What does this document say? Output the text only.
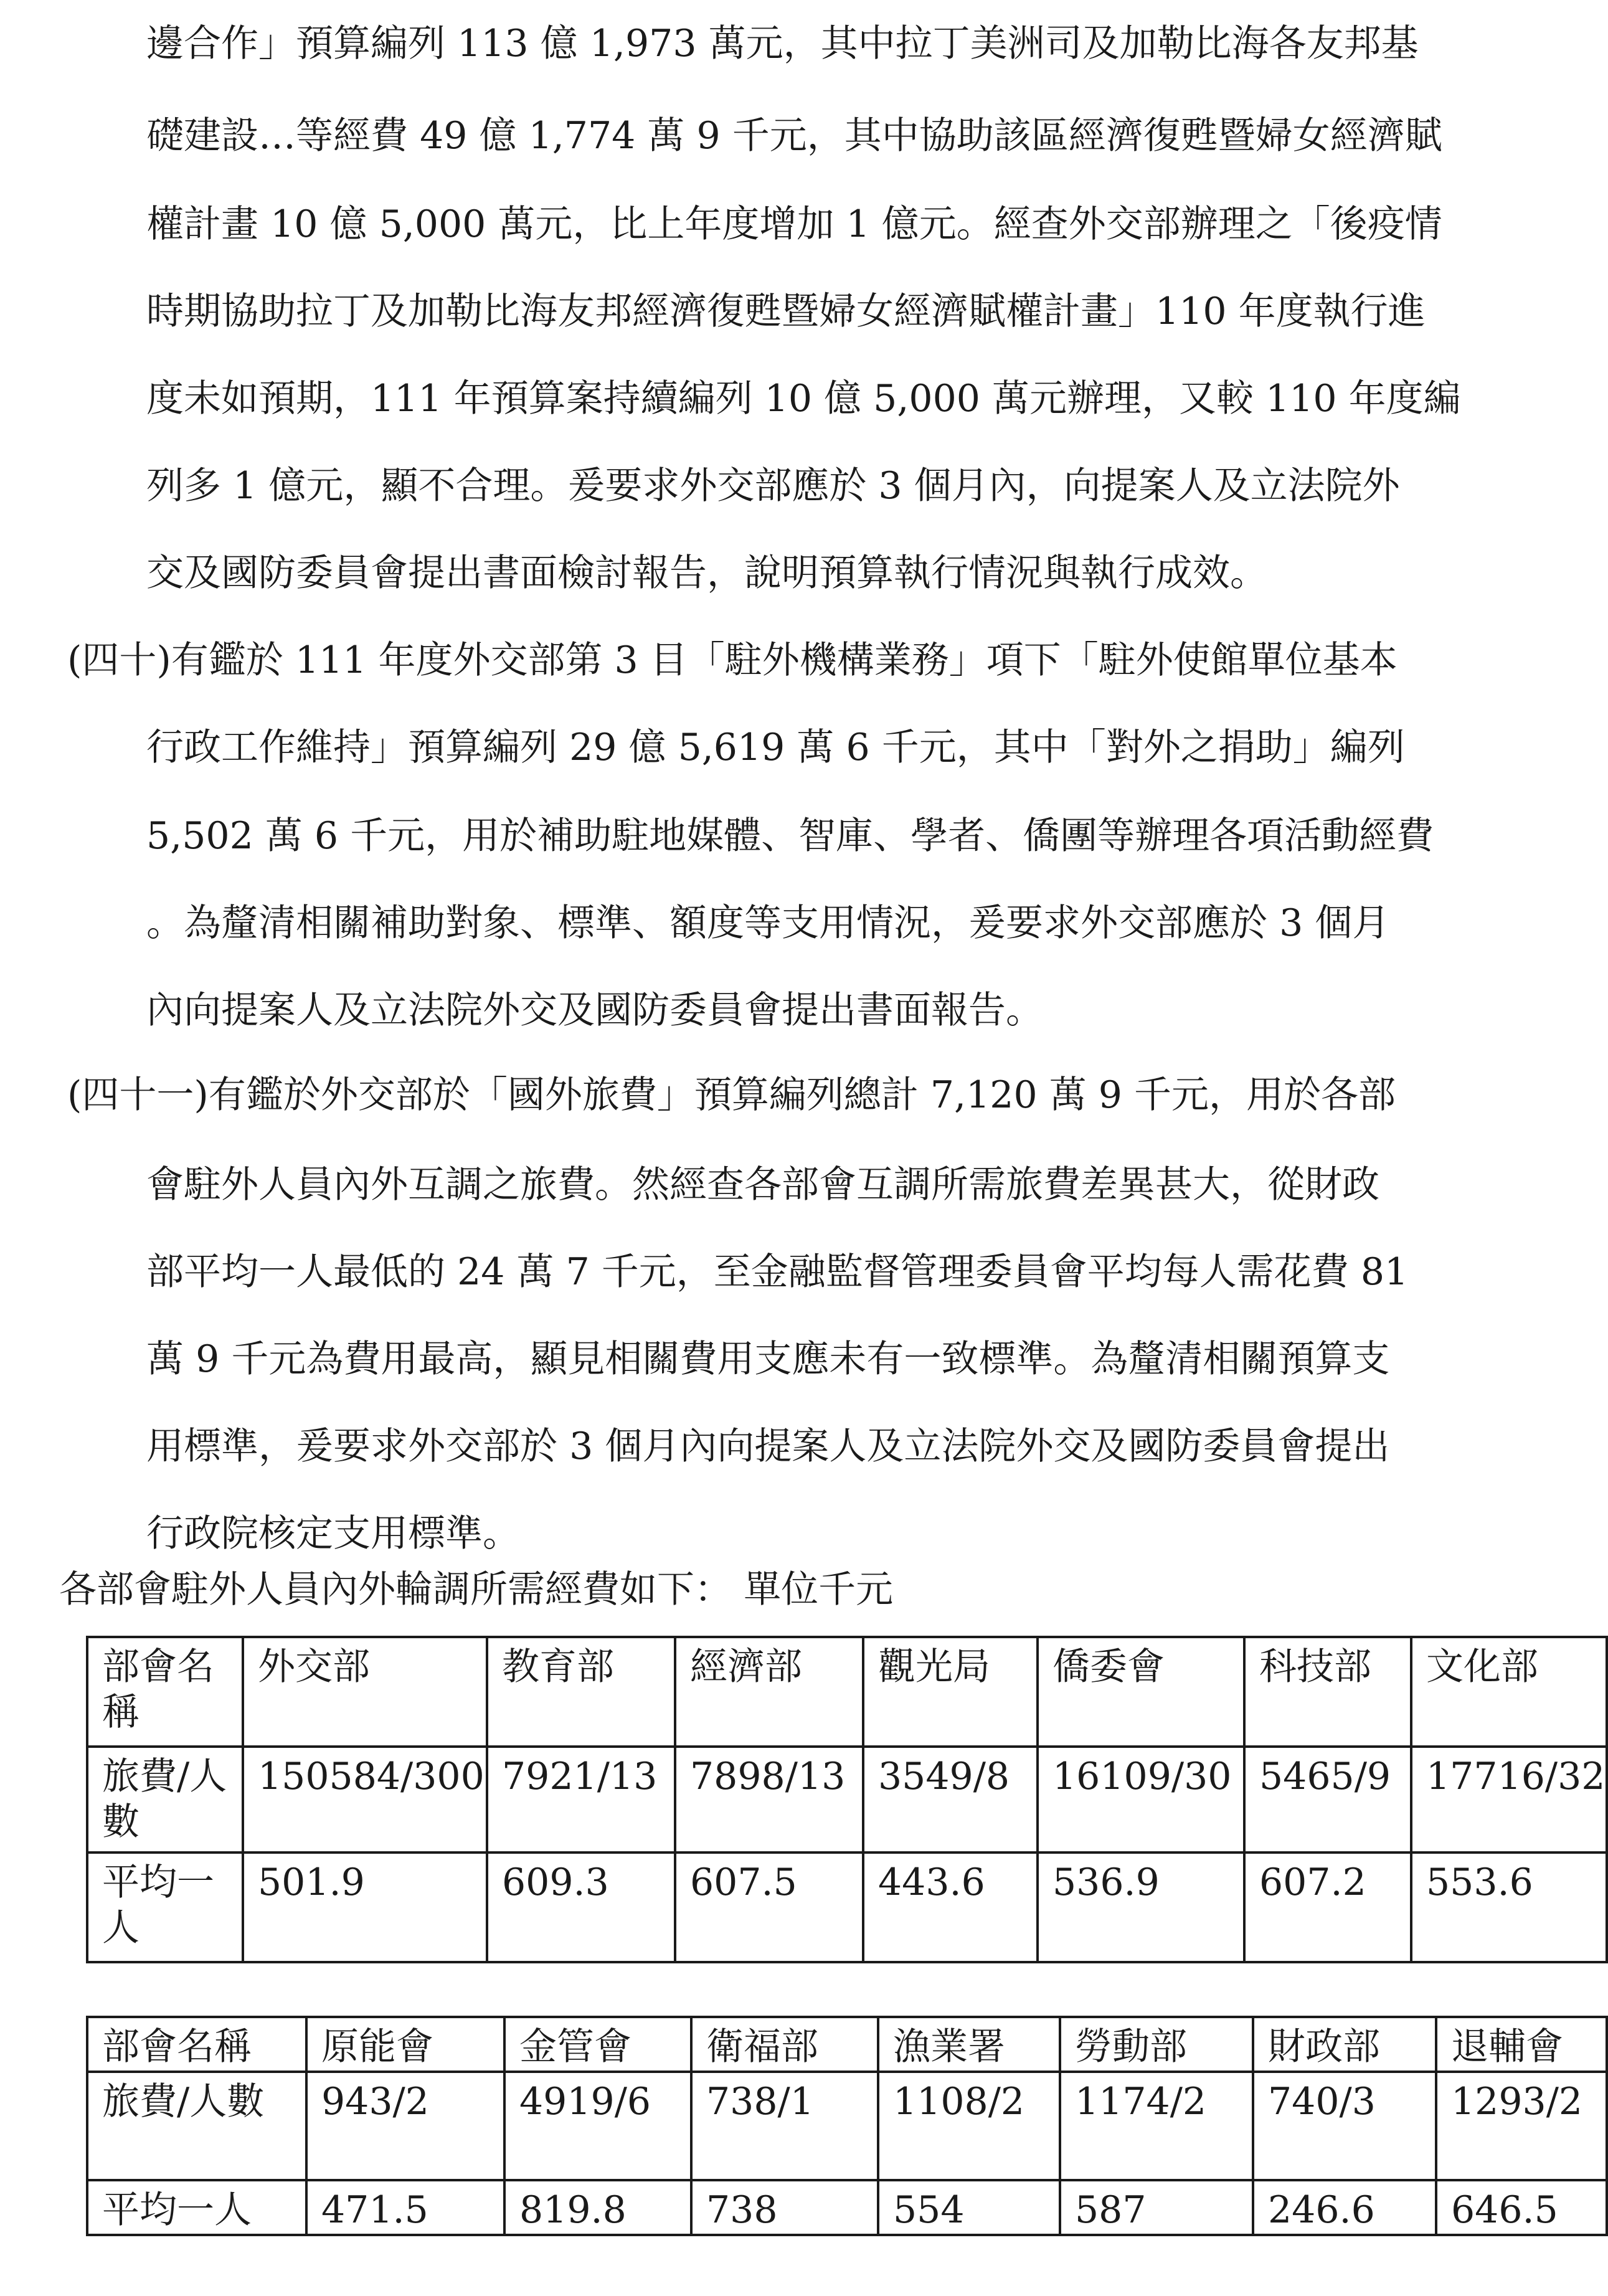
邊合作」預算編列 113 億 1,973 萬元，其中拉丁美洲司及加勒比海各友邦基
礎建設…等經費 49 億 1,774 萬 9 千元，其中協助該區經濟復甦暨婦女經濟賦
權計畫 10 億 5,000 萬元，比上年度增加 1 億元。經查外交部辦理之「後疫情
時期協助拉丁及加勒比海友邦經濟復甦暨婦女經濟賦權計畫」110 年度執行進
度未如預期，111 年預算案持續編列 10 億 5,000 萬元辦理，又較 110 年度編
列多 1 億元，顯不合理。爰要求外交部應於 3 個月內，向提案人及立法院外
交及國防委員會提出書面檢討報告，說明預算執行情況與執行成效。
(四十)有鑑於 111 年度外交部第 3 目「駐外機構業務」項下「駐外使館單位基本
行政工作維持」預算編列 29 億 5,619 萬 6 千元，其中「對外之捐助」編列
5,502 萬 6 千元，用於補助駐地媒體、智庫、學者、僑團等辦理各項活動經費
。為釐清相關補助對象、標準、額度等支用情況，爰要求外交部應於 3 個月
內向提案人及立法院外交及國防委員會提出書面報告。
(四十一)有鑑於外交部於「國外旅費」預算編列總計 7,120 萬 9 千元，用於各部
會駐外人員內外互調之旅費。然經查各部會互調所需旅費差異甚大，從財政
部平均一人最低的 24 萬 7 千元，至金融監督管理委員會平均每人需花費 81
萬 9 千元為費用最高，顯見相關費用支應未有一致標準。為釐清相關預算支
用標準，爰要求外交部於 3 個月內向提案人及立法院外交及國防委員會提出
行政院核定支用標準。
各部會駐外人員內外輪調所需經費如下： 單位千元
部會名稱	外交部	教育部	經濟部	觀光局	僑委會	科技部	文化部
旅費/人數	150584/300	7921/13	7898/13	3549/8	16109/30	5465/9	17716/32
平均一人	501.9	609.3	607.5	443.6	536.9	607.2	553.6
部會名稱	原能會	金管會	衛福部	漁業署	勞動部	財政部	退輔會
旅費/人數	943/2	4919/6	738/1	1108/2	1174/2	740/3	1293/2
平均一人	471.5	819.8	738	554	587	246.6	646.5
